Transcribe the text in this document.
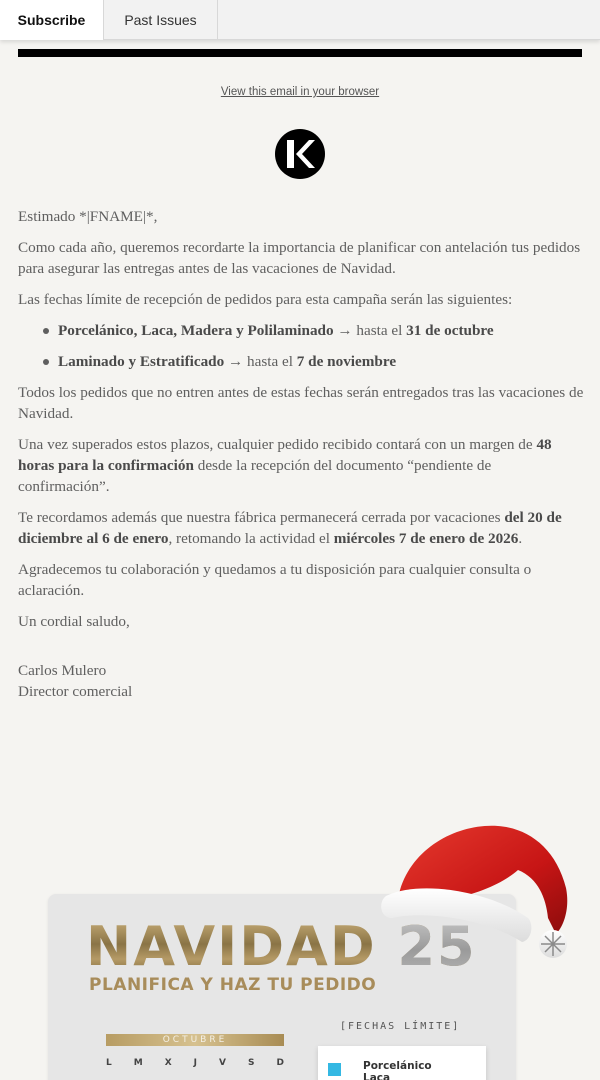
Subscribe	Past Issues
View this email in your browser

Estimado *|FNAME|*,

Como cada año, queremos recordarte la importancia de planificar con antelación tus pedidos para asegurar las entregas antes de las vacaciones de Navidad.

Las fechas límite de recepción de pedidos para esta campaña serán las siguientes:

Porcelánico, Laca, Madera y Polilaminado → hasta el 31 de octubre
Laminado y Estratificado → hasta el 7 de noviembre

Todos los pedidos que no entren antes de estas fechas serán entregados tras las vacaciones de Navidad.

Una vez superados estos plazos, cualquier pedido recibido contará con un margen de 48 horas para la confirmación desde la recepción del documento “pendiente de confirmación”.

Te recordamos además que nuestra fábrica permanecerá cerrada por vacaciones del 20 de diciembre al 6 de enero, retomando la actividad el miércoles 7 de enero de 2026.

Agradecemos tu colaboración y quedamos a tu disposición para cualquier consulta o aclaración.

Un cordial saludo,

Carlos Mulero
Director comercial
NAVIDAD 25
PLANIFICA Y HAZ TU PEDIDO
OCTUBRE
L M X J V S D
[FECHAS LÍMITE]
Porcelánico
Laca
